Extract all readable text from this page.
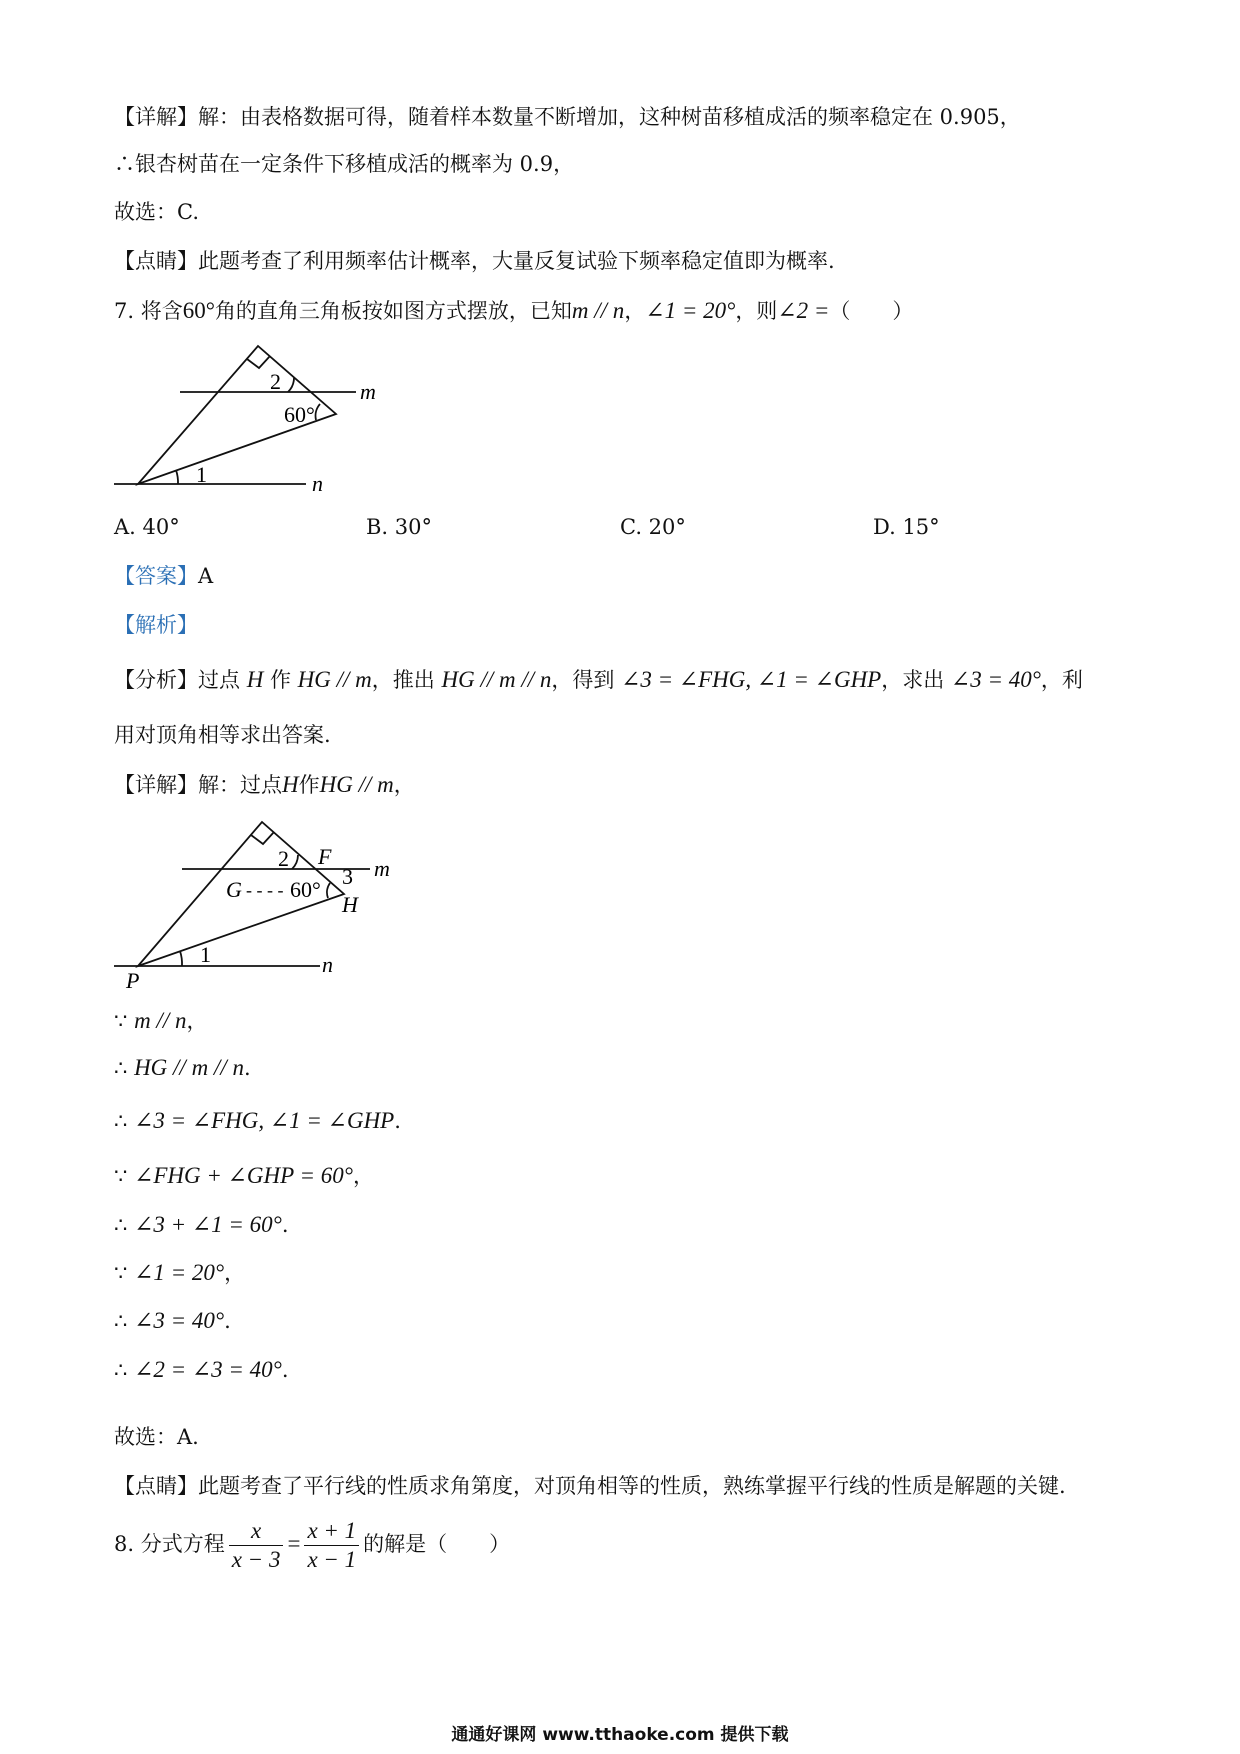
【详解】解：由表格数据可得，随着样本数量不断增加，这种树苗移植成活的频率稳定在 0.905，
∴银杏树苗在一定条件下移植成活的概率为 0.9，
故选：C.
【点睛】此题考查了利用频率估计概率，大量反复试验下频率稳定值即为概率.
7. 将含60°角的直角三角板按如图方式摆放，已知m // n，∠1 = 20°，则∠2 =（　　）
m
n
2
60°
1
A. 40°	B. 30°	C. 20°	D. 15°
【答案】A
【解析】
【分析】过点 H 作 HG // m，推出 HG // m // n，得到 ∠3 = ∠FHG, ∠1 = ∠GHP，求出 ∠3 = 40°，利
用对顶角相等求出答案.
【详解】解：过点H作HG // m，
m
n
2 F
3
G - - - - 60°
H
1
P
∵ m // n，
∴ HG // m // n.
∴ ∠3 = ∠FHG, ∠1 = ∠GHP.
∵ ∠FHG + ∠GHP = 60°，
∴ ∠3 + ∠1 = 60°.
∵ ∠1 = 20°，
∴ ∠3 = 40°.
∴ ∠2 = ∠3 = 40°.
故选：A.
【点睛】此题考查了平行线的性质求角第度，对顶角相等的性质，熟练掌握平行线的性质是解题的关键.
8. 分式方程 $\frac{x}{x - 3} = \frac{x + 1}{x - 1}$ 的解是（　　）
通通好课网 www.tthaoke.com 提供下载
